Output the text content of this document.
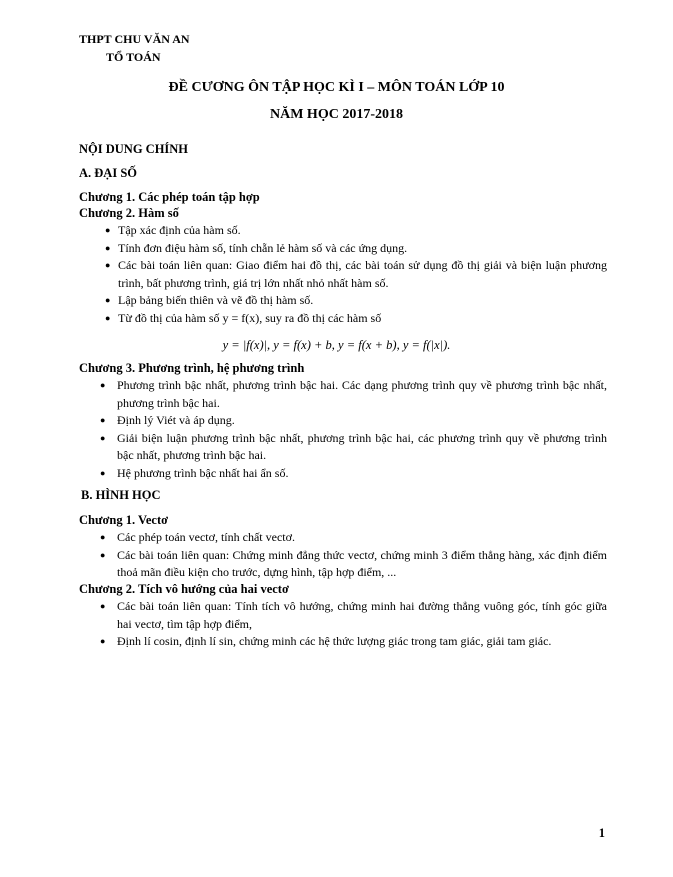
THPT CHU VĂN AN
TỔ TOÁN
ĐỀ CƯƠNG ÔN TẬP HỌC KÌ I – MÔN TOÁN LỚP 10
NĂM HỌC 2017-2018
NỘI DUNG CHÍNH
A. ĐẠI SỐ
Chương 1. Các phép toán tập hợp
Chương 2. Hàm số
● Tập xác định của hàm số.
● Tính đơn điệu hàm số, tính chẵn lẻ hàm số và các ứng dụng.
● Các bài toán liên quan: Giao điểm hai đồ thị, các bài toán sử dụng đồ thị giải và biện luận phương trình, bất phương trình, giá trị lớn nhất nhỏ nhất hàm số.
● Lập bảng biến thiên và vẽ đồ thị hàm số.
● Từ đồ thị của hàm số y = f(x), suy ra đồ thị các hàm số
y = |f(x)|, y = f(x) + b, y = f(x + b), y = f(|x|).
Chương 3. Phương trình, hệ phương trình
● Phương trình bậc nhất, phương trình bậc hai. Các dạng phương trình quy về phương trình bậc nhất, phương trình bậc hai.
● Định lý Viét và áp dụng.
● Giải biện luận phương trình bậc nhất, phương trình bậc hai, các phương trình quy về phương trình bậc nhất, phương trình bậc hai.
● Hệ phương trình bậc nhất hai ẩn số.
B. HÌNH HỌC
Chương 1. Vectơ
● Các phép toán vectơ, tính chất vectơ.
● Các bài toán liên quan: Chứng minh đẳng thức vectơ, chứng minh 3 điểm thẳng hàng, xác định điểm thoả mãn điều kiện cho trước, dựng hình, tập hợp điểm, ...
Chương 2. Tích vô hướng của hai vectơ
● Các bài toán liên quan: Tính tích vô hướng, chứng minh hai đường thẳng vuông góc, tính góc giữa hai vectơ, tìm tập hợp điểm,
● Định lí cosin, định lí sin, chứng minh các hệ thức lượng giác trong tam giác, giải tam giác.
1
